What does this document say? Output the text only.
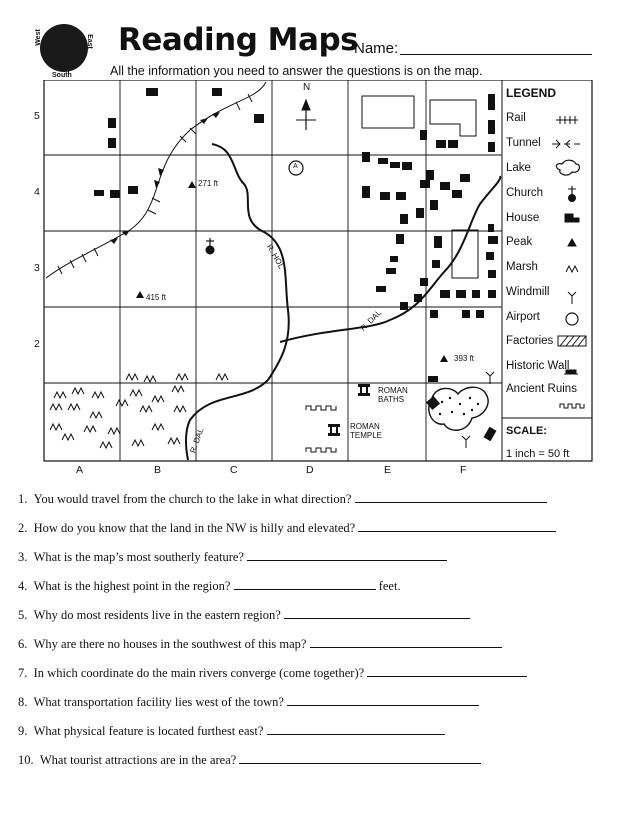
West	East
South
Reading Maps
Name:
All the information you need to answer the questions is on the map.
N
A
271 ft
415 ft
393 ft
R. HOL
R. DAL
R. DAL
ROMAN BATHS
ROMAN TEMPLE
5
4
3
2
A	B	C	D	E	F
LEGEND
Rail
Tunnel
Lake
Church
House
Peak
Marsh
Windmill
Airport
Factories
Historic Wall
Ancient Ruins
SCALE:
1 inch = 50 ft
1. You would travel from the church to the lake in what direction?
2. How do you know that the land in the NW is hilly and elevated?
3. What is the map’s most southerly feature?
4. What is the highest point in the region?	feet.
5. Why do most residents live in the eastern region?
6. Why are there no houses in the southwest of this map?
7. In which coordinate do the main rivers converge (come together)?
8. What transportation facility lies west of the town?
9. What physical feature is located furthest east?
10. What tourist attractions are in the area?
